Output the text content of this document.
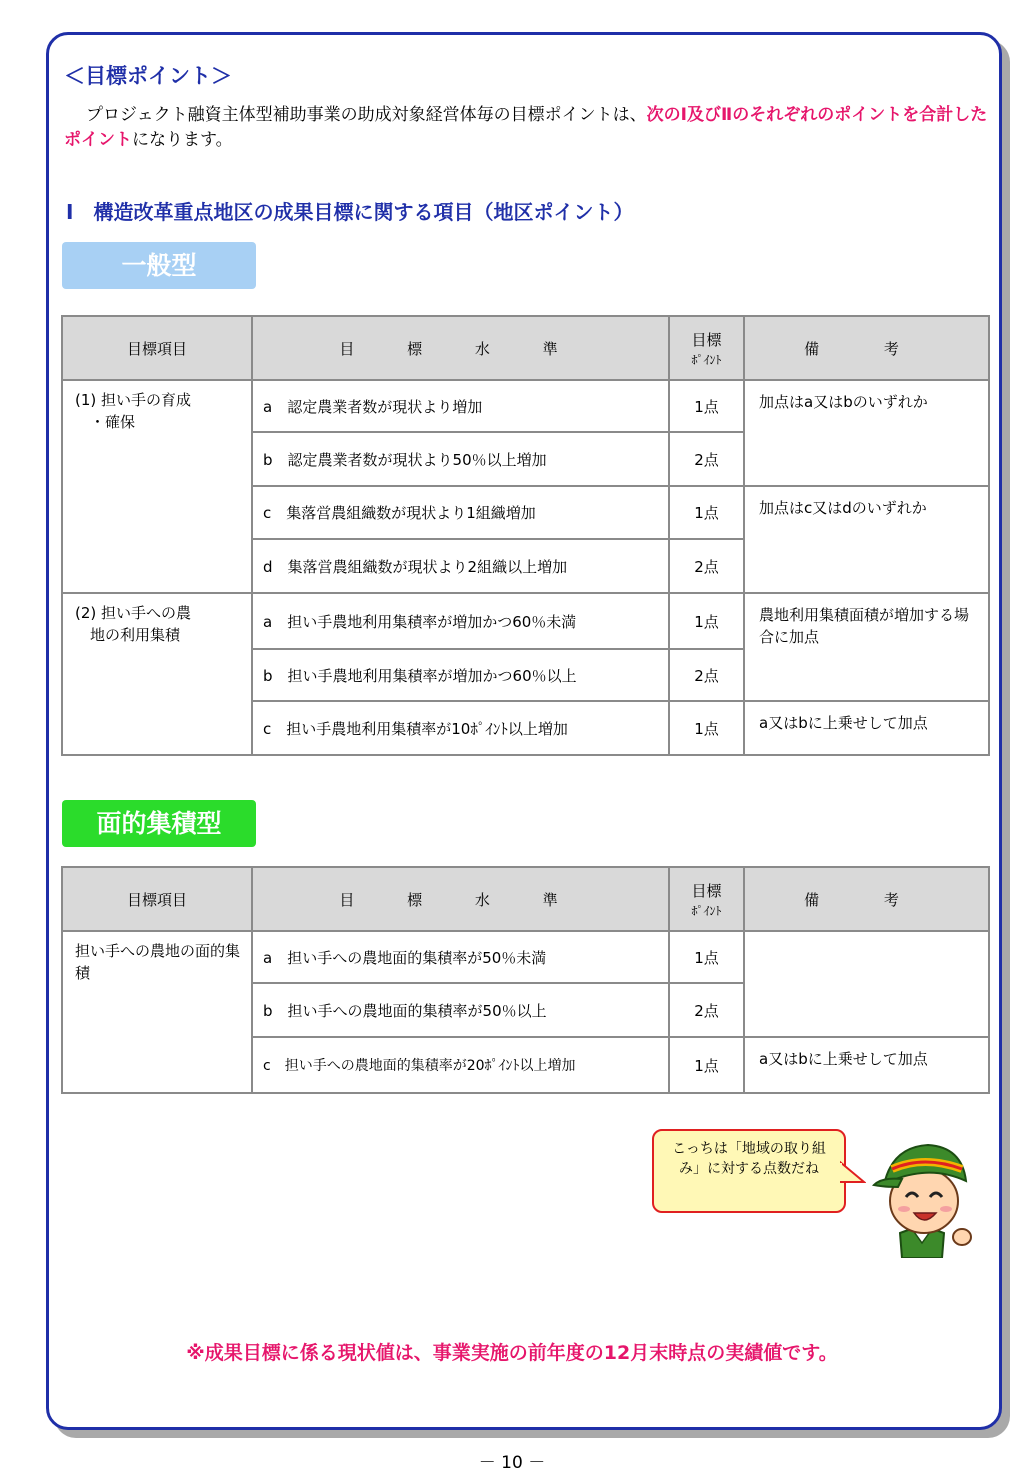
＜目標ポイント＞
プロジェクト融資主体型補助事業の助成対象経営体毎の目標ポイントは、次のⅠ及びⅡのそれぞれのポイントを合計したポイントになります。
Ⅰ　構造改革重点地区の成果目標に関する項目（地区ポイント）
一般型
目標項目	目 標 水 準	目標
ﾎﾟｲﾝﾄ	備 考
(1) 担い手の育成
　・確保	a　認定農業者数が現状より増加	1点	加点はa又はbのいずれか
	b　認定農業者数が現状より50％以上増加	2点	
	c　集落営農組織数が現状より1組織増加	1点	加点はc又はdのいずれか
	d　集落営農組織数が現状より2組織以上増加	2点	
(2) 担い手への農
　地の利用集積	a　担い手農地利用集積率が増加かつ60％未満	1点	農地利用集積面積が増加する場合に加点
	b　担い手農地利用集積率が増加かつ60％以上	2点	
	c　担い手農地利用集積率が10ﾎﾟｲﾝﾄ以上増加	1点	a又はbに上乗せして加点
面的集積型
目標項目	目 標 水 準	目標
ﾎﾟｲﾝﾄ	備 考
担い手への農地の面的集積	a　担い手への農地面的集積率が50％未満	1点	
	b　担い手への農地面的集積率が50％以上	2点	
	c　担い手への農地面的集積率が20ﾎﾟｲﾝﾄ以上増加	1点	a又はbに上乗せして加点
こっちは「地域の取り組み」に対する点数だね
※成果目標に係る現状値は、事業実施の前年度の12月末時点の実績値です。
－ 10 －
